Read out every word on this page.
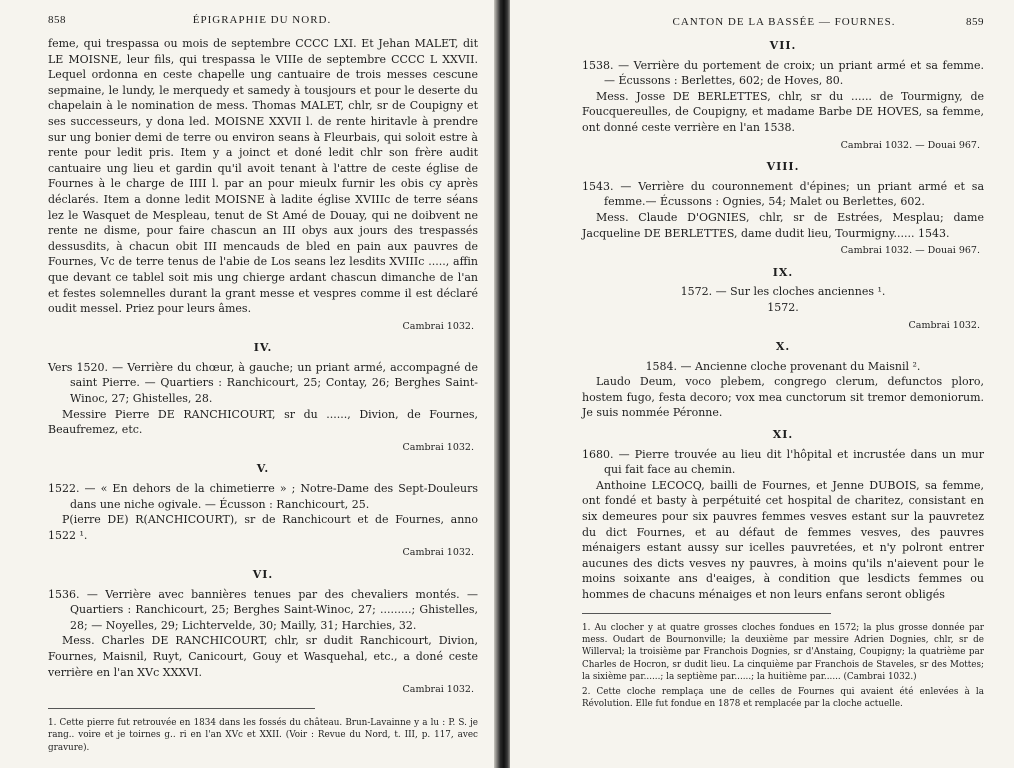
858	ÉPIGRAPHIE DU NORD.

feme, qui trespassa ou mois de septembre CCCC LXI. Et Jehan MALET, dit LE MOISNE, leur fils, qui trespassa le VIIIe de septembre CCCC L XXVII. Lequel ordonna en ceste chapelle ung cantuaire de trois messes cescune sepmaine, le lundy, le merquedy et samedy à tousjours et pour le deserte du chapelain à le nomination de mess. Thomas MALET, chlr, sr de Coupigny et ses successeurs, y dona led. MOISNE XXVII l. de rente hiritavle à prendre sur ung bonier demi de terre ou environ seans à Fleurbais, qui soloit estre à rente pour ledit pris. Item y a joinct et doné ledit chlr son frère audit cantuaire ung lieu et gardin qu'il avoit tenant à l'attre de ceste église de Fournes à le charge de IIII l. par an pour mieulx furnir les obis cy après déclarés. Item a donne ledit MOISNE à ladite église XVIIIc de terre séans lez le Wasquet de Mespleau, tenut de St Amé de Douay, qui ne doibvent ne rente ne disme, pour faire chascun an III obys aux jours des trespassés dessusdits, à chacun obit III mencauds de bled en pain aux pauvres de Fournes, Vc de terre tenus de l'abie de Los seans lez lesdits XVIIIc ....., affin que devant ce tablel soit mis ung chierge ardant chascun dimanche de l'an et festes solemnelles durant la grant messe et vespres comme il est déclaré oudit messel. Priez pour leurs âmes.

Cambrai 1032.
IV.

Vers 1520. — Verrière du chœur, à gauche; un priant armé, accompagné de saint Pierre. — Quartiers : Ranchicourt, 25; Contay, 26; Berghes Saint-Winoc, 27; Ghistelles, 28.

Messire Pierre DE RANCHICOURT, sr du ......, Divion, de Fournes, Beaufremez, etc.

Cambrai 1032.
V.

1522. — « En dehors de la chimetierre » ; Notre-Dame des Sept-Douleurs dans une niche ogivale. — Écusson : Ranchicourt, 25.

P(ierre DE) R(ANCHICOURT), sr de Ranchicourt et de Fournes, anno 1522 ¹.

Cambrai 1032.
VI.

1536. — Verrière avec bannières tenues par des chevaliers montés. — Quartiers : Ranchicourt, 25; Berghes Saint-Winoc, 27; .........; Ghistelles, 28; — Noyelles, 29; Lichtervelde, 30; Mailly, 31; Harchies, 32.

Mess. Charles DE RANCHICOURT, chlr, sr dudit Ranchicourt, Divion, Fournes, Maisnil, Ruyt, Canicourt, Gouy et Wasquehal, etc., a doné ceste verrière en l'an XVc XXXVI.

Cambrai 1032.

1. Cette pierre fut retrouvée en 1834 dans les fossés du château. Brun-Lavainne y a lu : P. S. je rang.. voire et je toirnes g.. ri en l'an XVc et XXII. (Voir : Revue du Nord, t. III, p. 117, avec gravure).

CANTON DE LA BASSÉE — FOURNES.	859
VII.

1538. — Verrière du portement de croix; un priant armé et sa femme. — Écussons : Berlettes, 602; de Hoves, 80.

Mess. Josse DE BERLETTES, chlr, sr du ...... de Tourmigny, de Foucquereulles, de Coupigny, et madame Barbe DE HOVES, sa femme, ont donné ceste verrière en l'an 1538.

Cambrai 1032. — Douai 967.
VIII.

1543. — Verrière du couronnement d'épines; un priant armé et sa femme.— Écussons : Ognies, 54; Malet ou Berlettes, 602.

Mess. Claude D'OGNIES, chlr, sr de Estrées, Mesplau; dame Jacqueline DE BERLETTES, dame dudit lieu, Tourmigny...... 1543.

Cambrai 1032. — Douai 967.
IX.

1572. — Sur les cloches anciennes ¹.

1572.

Cambrai 1032.
X.

1584. — Ancienne cloche provenant du Maisnil ².

Laudo Deum, voco plebem, congrego clerum, defunctos ploro, hostem fugo, festa decoro; vox mea cunctorum sit tremor demoniorum. Je suis nommée Péronne.

XI.

1680. — Pierre trouvée au lieu dit l'hôpital et incrustée dans un mur qui fait face au chemin.

Anthoine LECOCQ, bailli de Fournes, et Jenne DUBOIS, sa femme, ont fondé et basty à perpétuité cet hospital de charitez, consistant en six demeures pour six pauvres femmes vesves estant sur la pauvretez du dict Fournes, et au défaut de femmes vesves, des pauvres ménaigers estant aussy sur icelles pauvretées, et n'y polront entrer aucunes des dicts vesves ny pauvres, à moins qu'ils n'aievent pour le moins soixante ans d'eaiges, à condition que lesdicts femmes ou hommes de chacuns ménaiges et non leurs enfans seront obligés

1. Au clocher y at quatre grosses cloches fondues en 1572; la plus grosse donnée par mess. Oudart de Bournonville; la deuxième par messire Adrien Dognies, chlr, sr de Willerval; la troisième par Franchois Dognies, sr d'Anstaing, Coupigny; la quatrième par Charles de Hocron, sr dudit lieu. La cinquième par Franchois de Staveles, sr des Mottes; la sixième par......; la septième par......; la huitième par...... (Cambrai 1032.)

2. Cette cloche remplaça une de celles de Fournes qui avaient été enlevées à la Révolution. Elle fut fondue en 1878 et remplacée par la cloche actuelle.
